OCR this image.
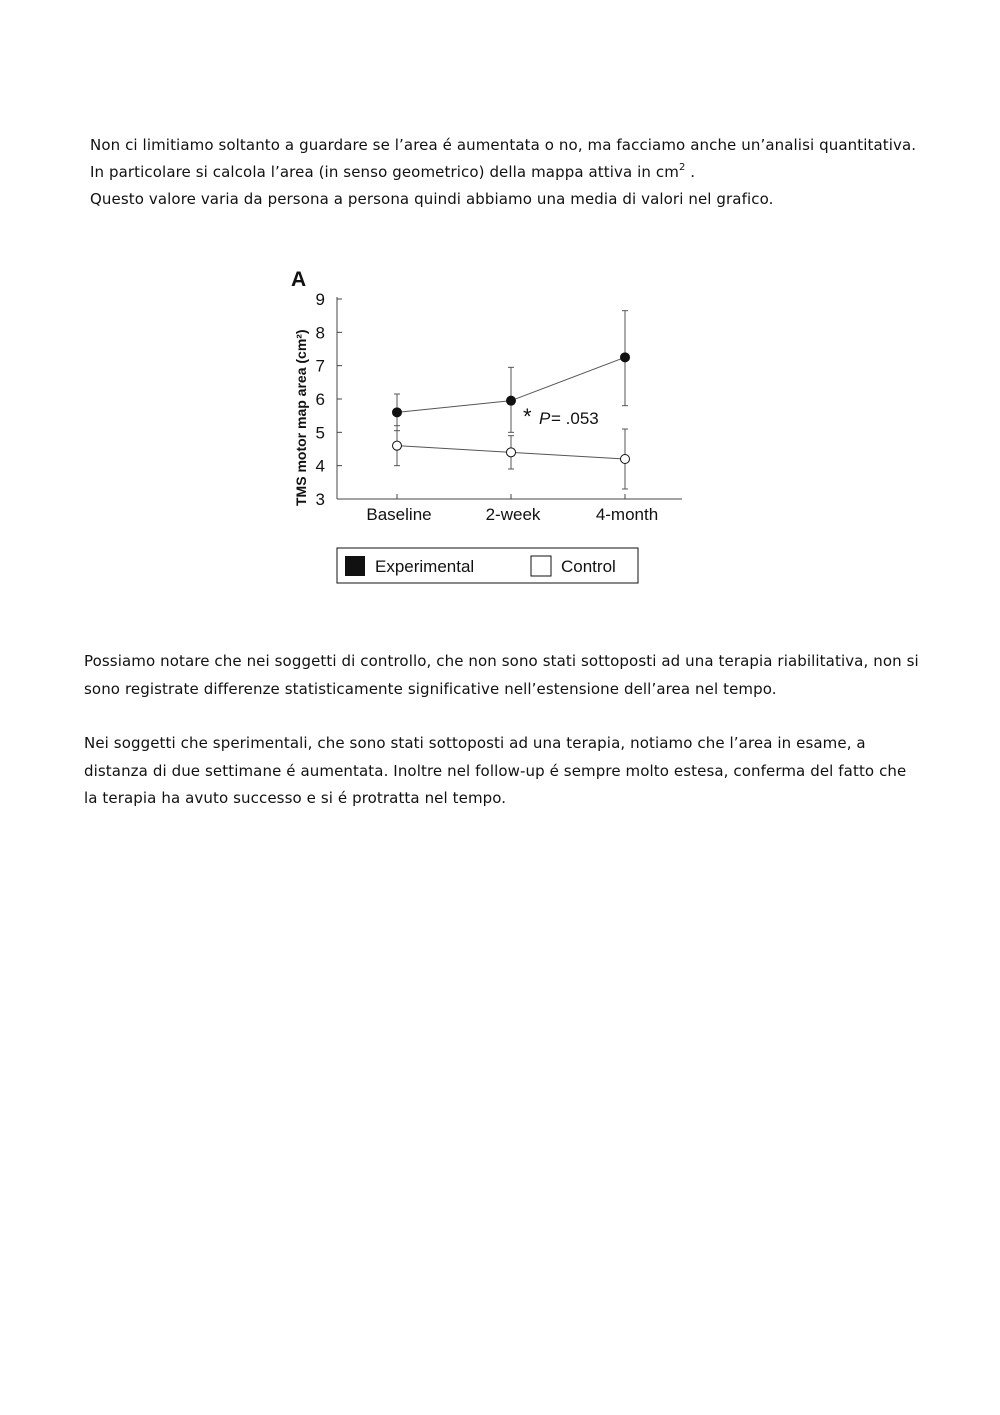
Non ci limitiamo soltanto a guardare se l’area é aumentata o no, ma facciamo anche un’analisi quantitativa.

In particolare si calcola l’area (in senso geometrico) della mappa attiva in $cm^2$ .

Questo valore varia da persona a persona quindi abbiamo una media di valori nel grafico.

A
TMS motor map area (cm²) 3
4
5
6
7
8
9
Baseline	2-week	4-month
* P = .053
Experimental	Control

Possiamo notare che nei soggetti di controllo, che non sono stati sottoposti ad una terapia riabilitativa, non si sono registrate differenze statisticamente significative nell’estensione dell’area nel tempo.

Nei soggetti che sperimentali, che sono stati sottoposti ad una terapia, notiamo che l’area in esame, a distanza di due settimane é aumentata. Inoltre nel follow-up é sempre molto estesa, conferma del fatto che la terapia ha avuto successo e si é protratta nel tempo.
